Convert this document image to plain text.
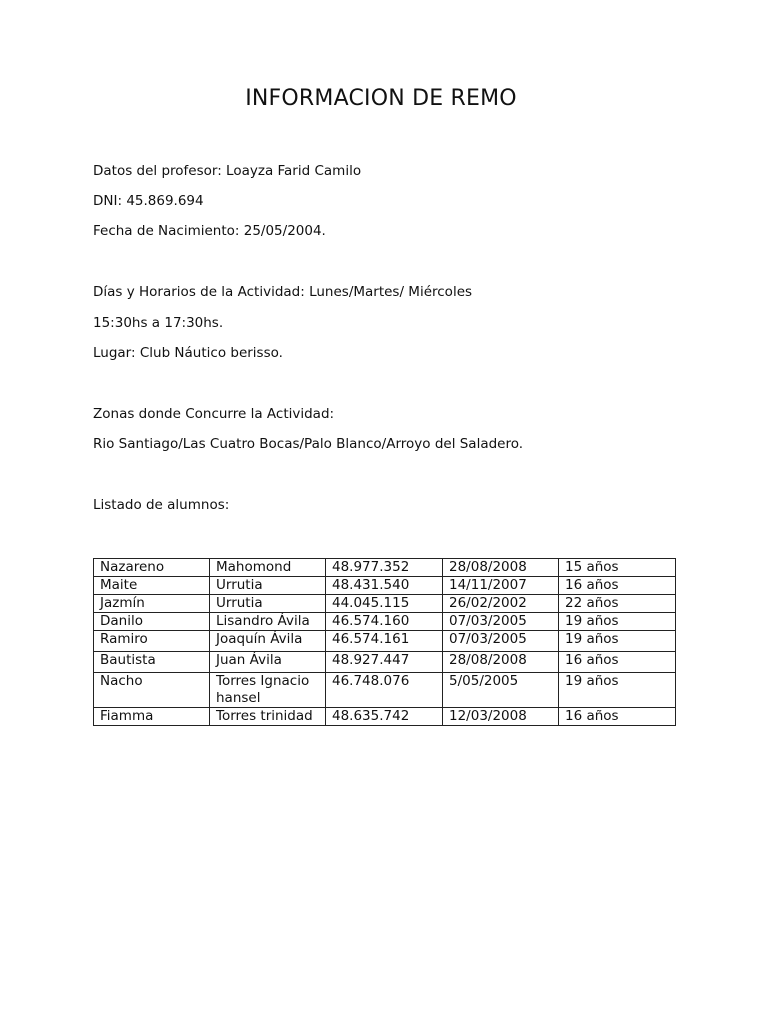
INFORMACION DE REMO
Datos del profesor: Loayza Farid Camilo
DNI: 45.869.694
Fecha de Nacimiento: 25/05/2004.
Días y Horarios de la Actividad: Lunes/Martes/ Miércoles
15:30hs a 17:30hs.
Lugar: Club Náutico berisso.
Zonas donde Concurre la Actividad:
Rio Santiago/Las Cuatro Bocas/Palo Blanco/Arroyo del Saladero.
Listado de alumnos:
Nazareno	Mahomond	48.977.352	28/08/2008	15 años
Maite	Urrutia	48.431.540	14/11/2007	16 años
Jazmín	Urrutia	44.045.115	26/02/2002	22 años
Danilo	Lisandro Ávila	46.574.160	07/03/2005	19 años
Ramiro	Joaquín Ávila	46.574.161	07/03/2005	19 años
Bautista	Juan Ávila	48.927.447	28/08/2008	16 años
Nacho	Torres Ignacio hansel	46.748.076	5/05/2005	19 años
Fiamma	Torres trinidad	48.635.742	12/03/2008	16 años
